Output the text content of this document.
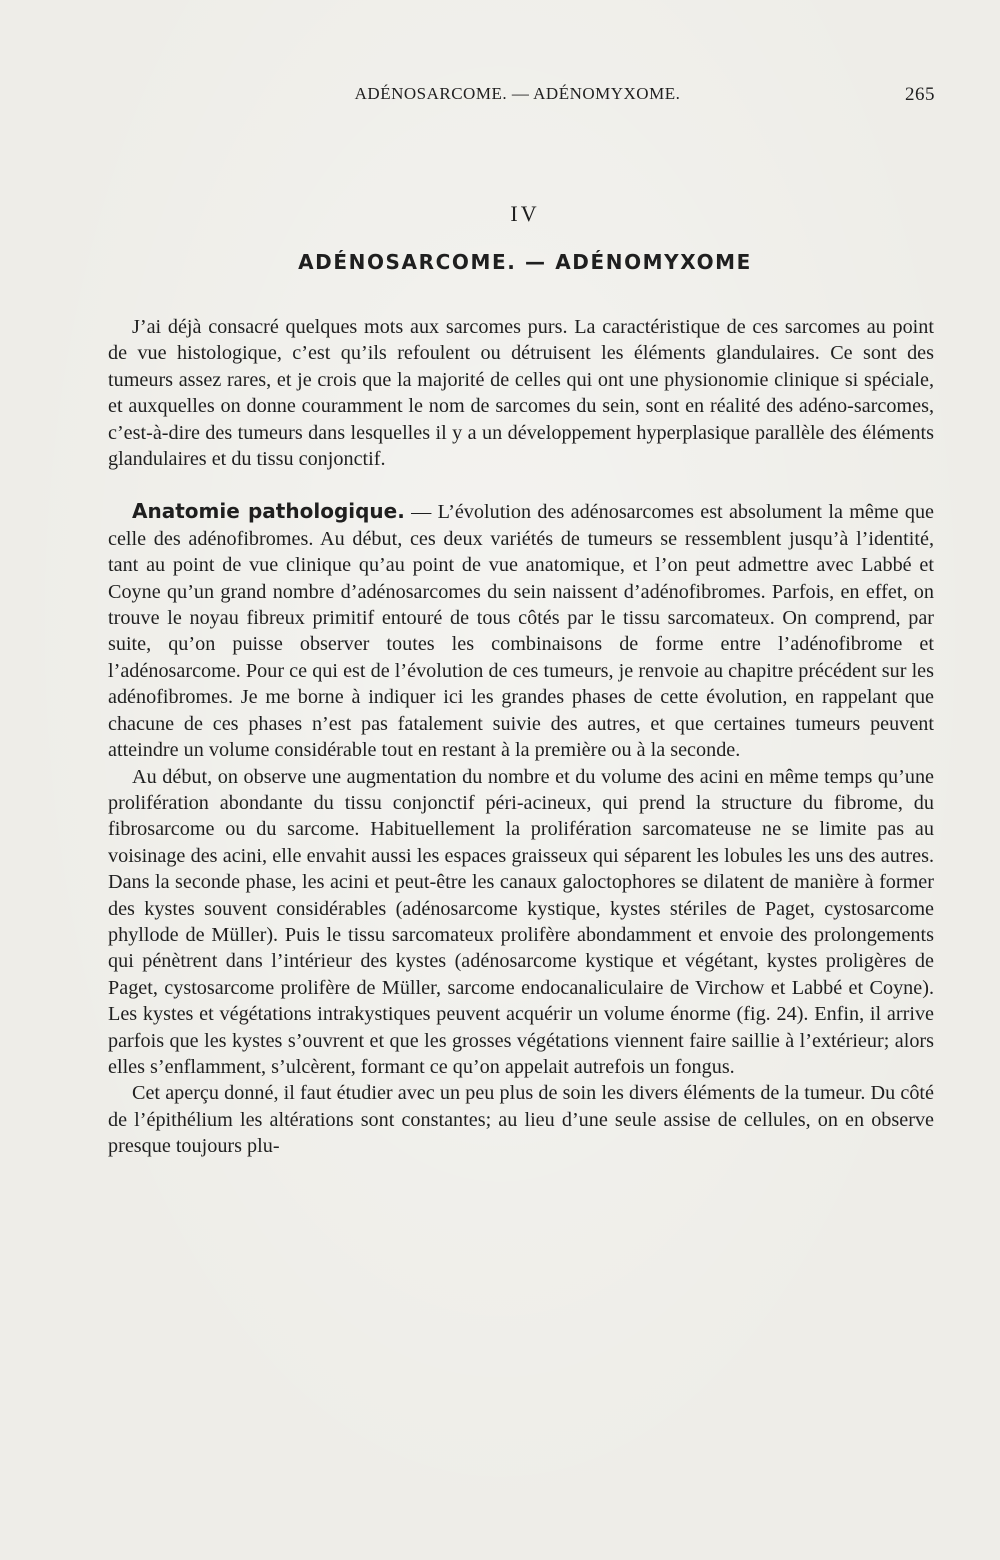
ADÉNOSARCOME. — ADÉNOMYXOME.	265
IV
ADÉNOSARCOME. — ADÉNOMYXOME

J’ai déjà consacré quelques mots aux sarcomes purs. La caractéristique de ces sarcomes au point de vue histologique, c’est qu’ils refoulent ou détruisent les éléments glandulaires. Ce sont des tumeurs assez rares, et je crois que la majorité de celles qui ont une physionomie clinique si spéciale, et auxquelles on donne couramment le nom de sarcomes du sein, sont en réalité des adéno-sarcomes, c’est-à-dire des tumeurs dans lesquelles il y a un développement hyperplasique parallèle des éléments glandulaires et du tissu conjonctif.

Anatomie pathologique. — L’évolution des adénosarcomes est absolument la même que celle des adénofibromes. Au début, ces deux variétés de tumeurs se ressemblent jusqu’à l’identité, tant au point de vue clinique qu’au point de vue anatomique, et l’on peut admettre avec Labbé et Coyne qu’un grand nombre d’adénosarcomes du sein naissent d’adénofibromes. Parfois, en effet, on trouve le noyau fibreux primitif entouré de tous côtés par le tissu sarcomateux. On comprend, par suite, qu’on puisse observer toutes les combinaisons de forme entre l’adénofibrome et l’adénosarcome. Pour ce qui est de l’évolution de ces tumeurs, je renvoie au chapitre précédent sur les adénofibromes. Je me borne à indiquer ici les grandes phases de cette évolution, en rappelant que chacune de ces phases n’est pas fatalement suivie des autres, et que certaines tumeurs peuvent atteindre un volume considérable tout en restant à la première ou à la seconde.

Au début, on observe une augmentation du nombre et du volume des acini en même temps qu’une prolifération abondante du tissu conjonctif péri-acineux, qui prend la structure du fibrome, du fibrosarcome ou du sarcome. Habituellement la prolifération sarcomateuse ne se limite pas au voisinage des acini, elle envahit aussi les espaces graisseux qui séparent les lobules les uns des autres. Dans la seconde phase, les acini et peut-être les canaux galoctophores se dilatent de manière à former des kystes souvent considérables (adénosarcome kystique, kystes stériles de Paget, cystosarcome phyllode de Müller). Puis le tissu sarcomateux prolifère abondamment et envoie des prolongements qui pénètrent dans l’intérieur des kystes (adénosarcome kystique et végétant, kystes proligères de Paget, cystosarcome prolifère de Müller, sarcome endocanaliculaire de Virchow et Labbé et Coyne). Les kystes et végétations intrakystiques peuvent acquérir un volume énorme (fig. 24). Enfin, il arrive parfois que les kystes s’ouvrent et que les grosses végétations viennent faire saillie à l’extérieur; alors elles s’enflamment, s’ulcèrent, formant ce qu’on appelait autrefois un fongus.

Cet aperçu donné, il faut étudier avec un peu plus de soin les divers éléments de la tumeur. Du côté de l’épithélium les altérations sont constantes; au lieu d’une seule assise de cellules, on en observe presque toujours plu-
